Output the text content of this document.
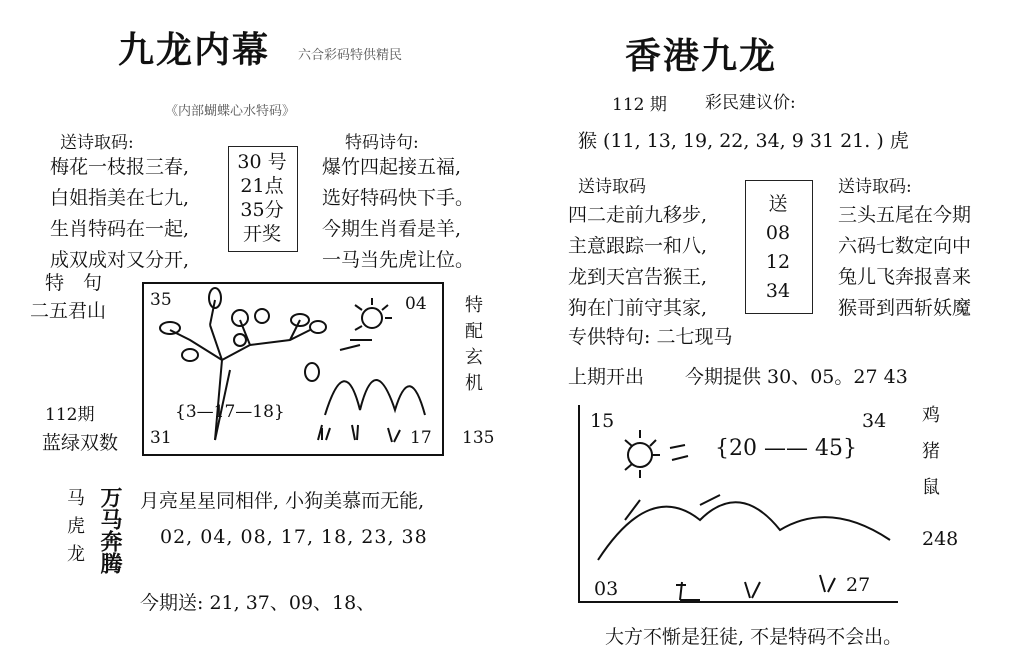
九龙内幕 六合彩码特供精民
《内部蝴蝶心水特码》
送诗取码:	特码诗句:
梅花一枝报三春,
白姐指美在七九,
生肖特码在一起,
成双成对又分开,
30 号
21点
35分
开奖
爆竹四起接五福,
选好特码快下手。
今期生肖看是羊,
一马当先虎让位。
特　句
二五君山
112期
蓝绿双数
35	04
31	17
{3—17—18}
特配玄机
135
马虎龙 万马奔腾 月亮星星同相伴, 小狗美慕而无能,
02, 04, 08, 17, 18, 23, 38
今期送: 21, 37、09、18、
香港九龙
112 期 彩民建议价:
猴 (11, 13, 19, 22, 34, 9 31 21. ) 虎
送诗取码	送诗取码:
四二走前九移步,
主意跟踪一和八,
龙到天宫告猴王,
狗在门前守其家,
送
08
12
34
三头五尾在今期
六码七数定向中
兔儿飞奔报喜来
猴哥到西斩妖魔
专供特句: 二七现马
上期开出 今期提供 30、05。27 43
15	34
03	27
{20 —— 45}	鸡猪鼠
248
大方不惭是狂徒, 不是特码不会出。
